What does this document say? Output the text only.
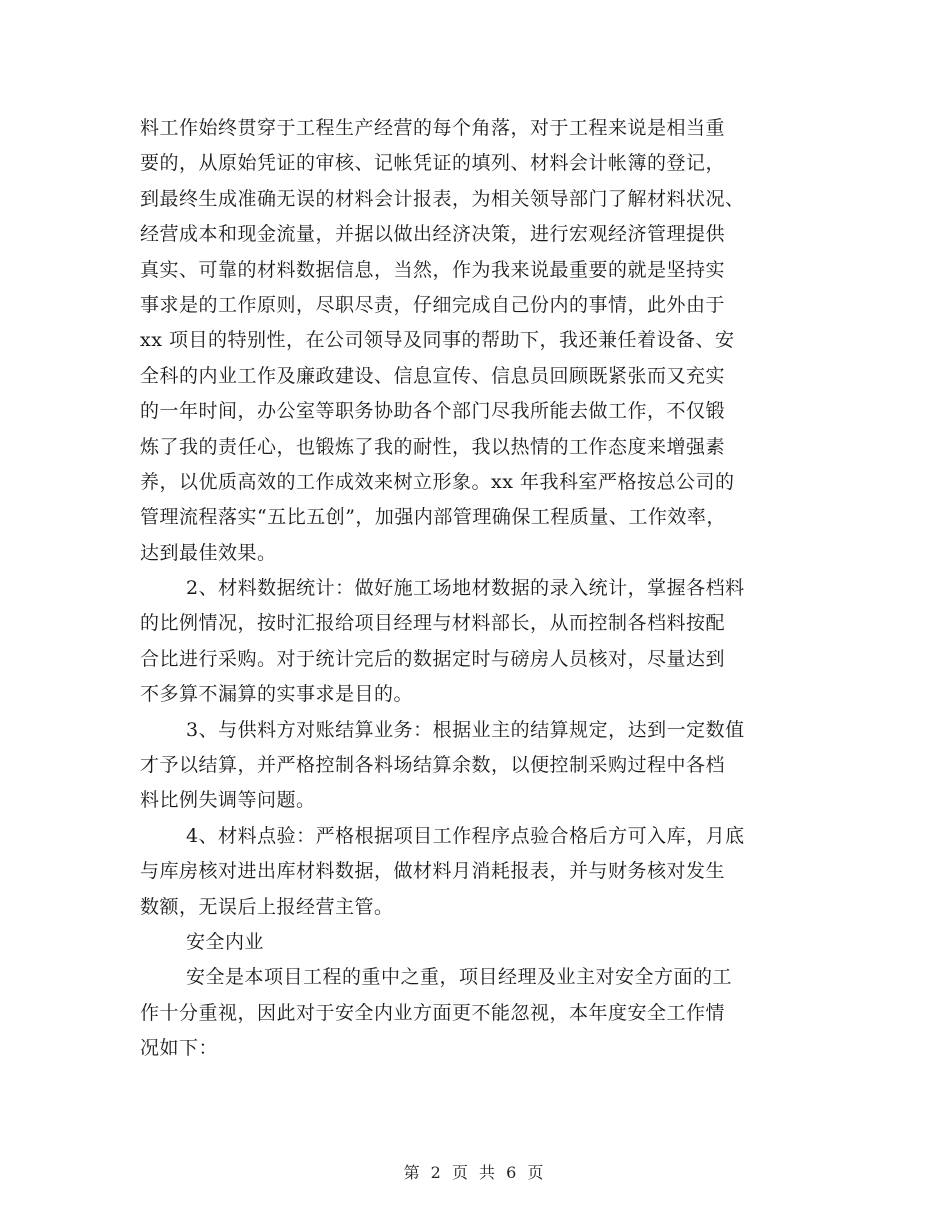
料工作始终贯穿于工程生产经营的每个角落，对于工程来说是相当重
要的，从原始凭证的审核、记帐凭证的填列、材料会计帐簿的登记，
到最终生成准确无误的材料会计报表，为相关领导部门了解材料状况、
经营成本和现金流量，并据以做出经济决策，进行宏观经济管理提供
真实、可靠的材料数据信息，当然，作为我来说最重要的就是坚持实
事求是的工作原则，尽职尽责，仔细完成自己份内的事情，此外由于
xx 项目的特别性，在公司领导及同事的帮助下，我还兼任着设备、安
全科的内业工作及廉政建设、信息宣传、信息员回顾既紧张而又充实
的一年时间，办公室等职务协助各个部门尽我所能去做工作，不仅锻
炼了我的责任心，也锻炼了我的耐性，我以热情的工作态度来增强素
养，以优质高效的工作成效来树立形象。xx 年我科室严格按总公司的
管理流程落实“五比五创”，加强内部管理确保工程质量、工作效率，
达到最佳效果。
2、材料数据统计：做好施工场地材数据的录入统计，掌握各档料
的比例情况，按时汇报给项目经理与材料部长，从而控制各档料按配
合比进行采购。对于统计完后的数据定时与磅房人员核对，尽量达到
不多算不漏算的实事求是目的。
3、与供料方对账结算业务：根据业主的结算规定，达到一定数值
才予以结算，并严格控制各料场结算余数，以便控制采购过程中各档
料比例失调等问题。
4、材料点验：严格根据项目工作程序点验合格后方可入库，月底
与库房核对进出库材料数据，做材料月消耗报表，并与财务核对发生
数额，无误后上报经营主管。
安全内业
安全是本项目工程的重中之重，项目经理及业主对安全方面的工
作十分重视，因此对于安全内业方面更不能忽视，本年度安全工作情
况如下：
第 2 页 共 6 页
